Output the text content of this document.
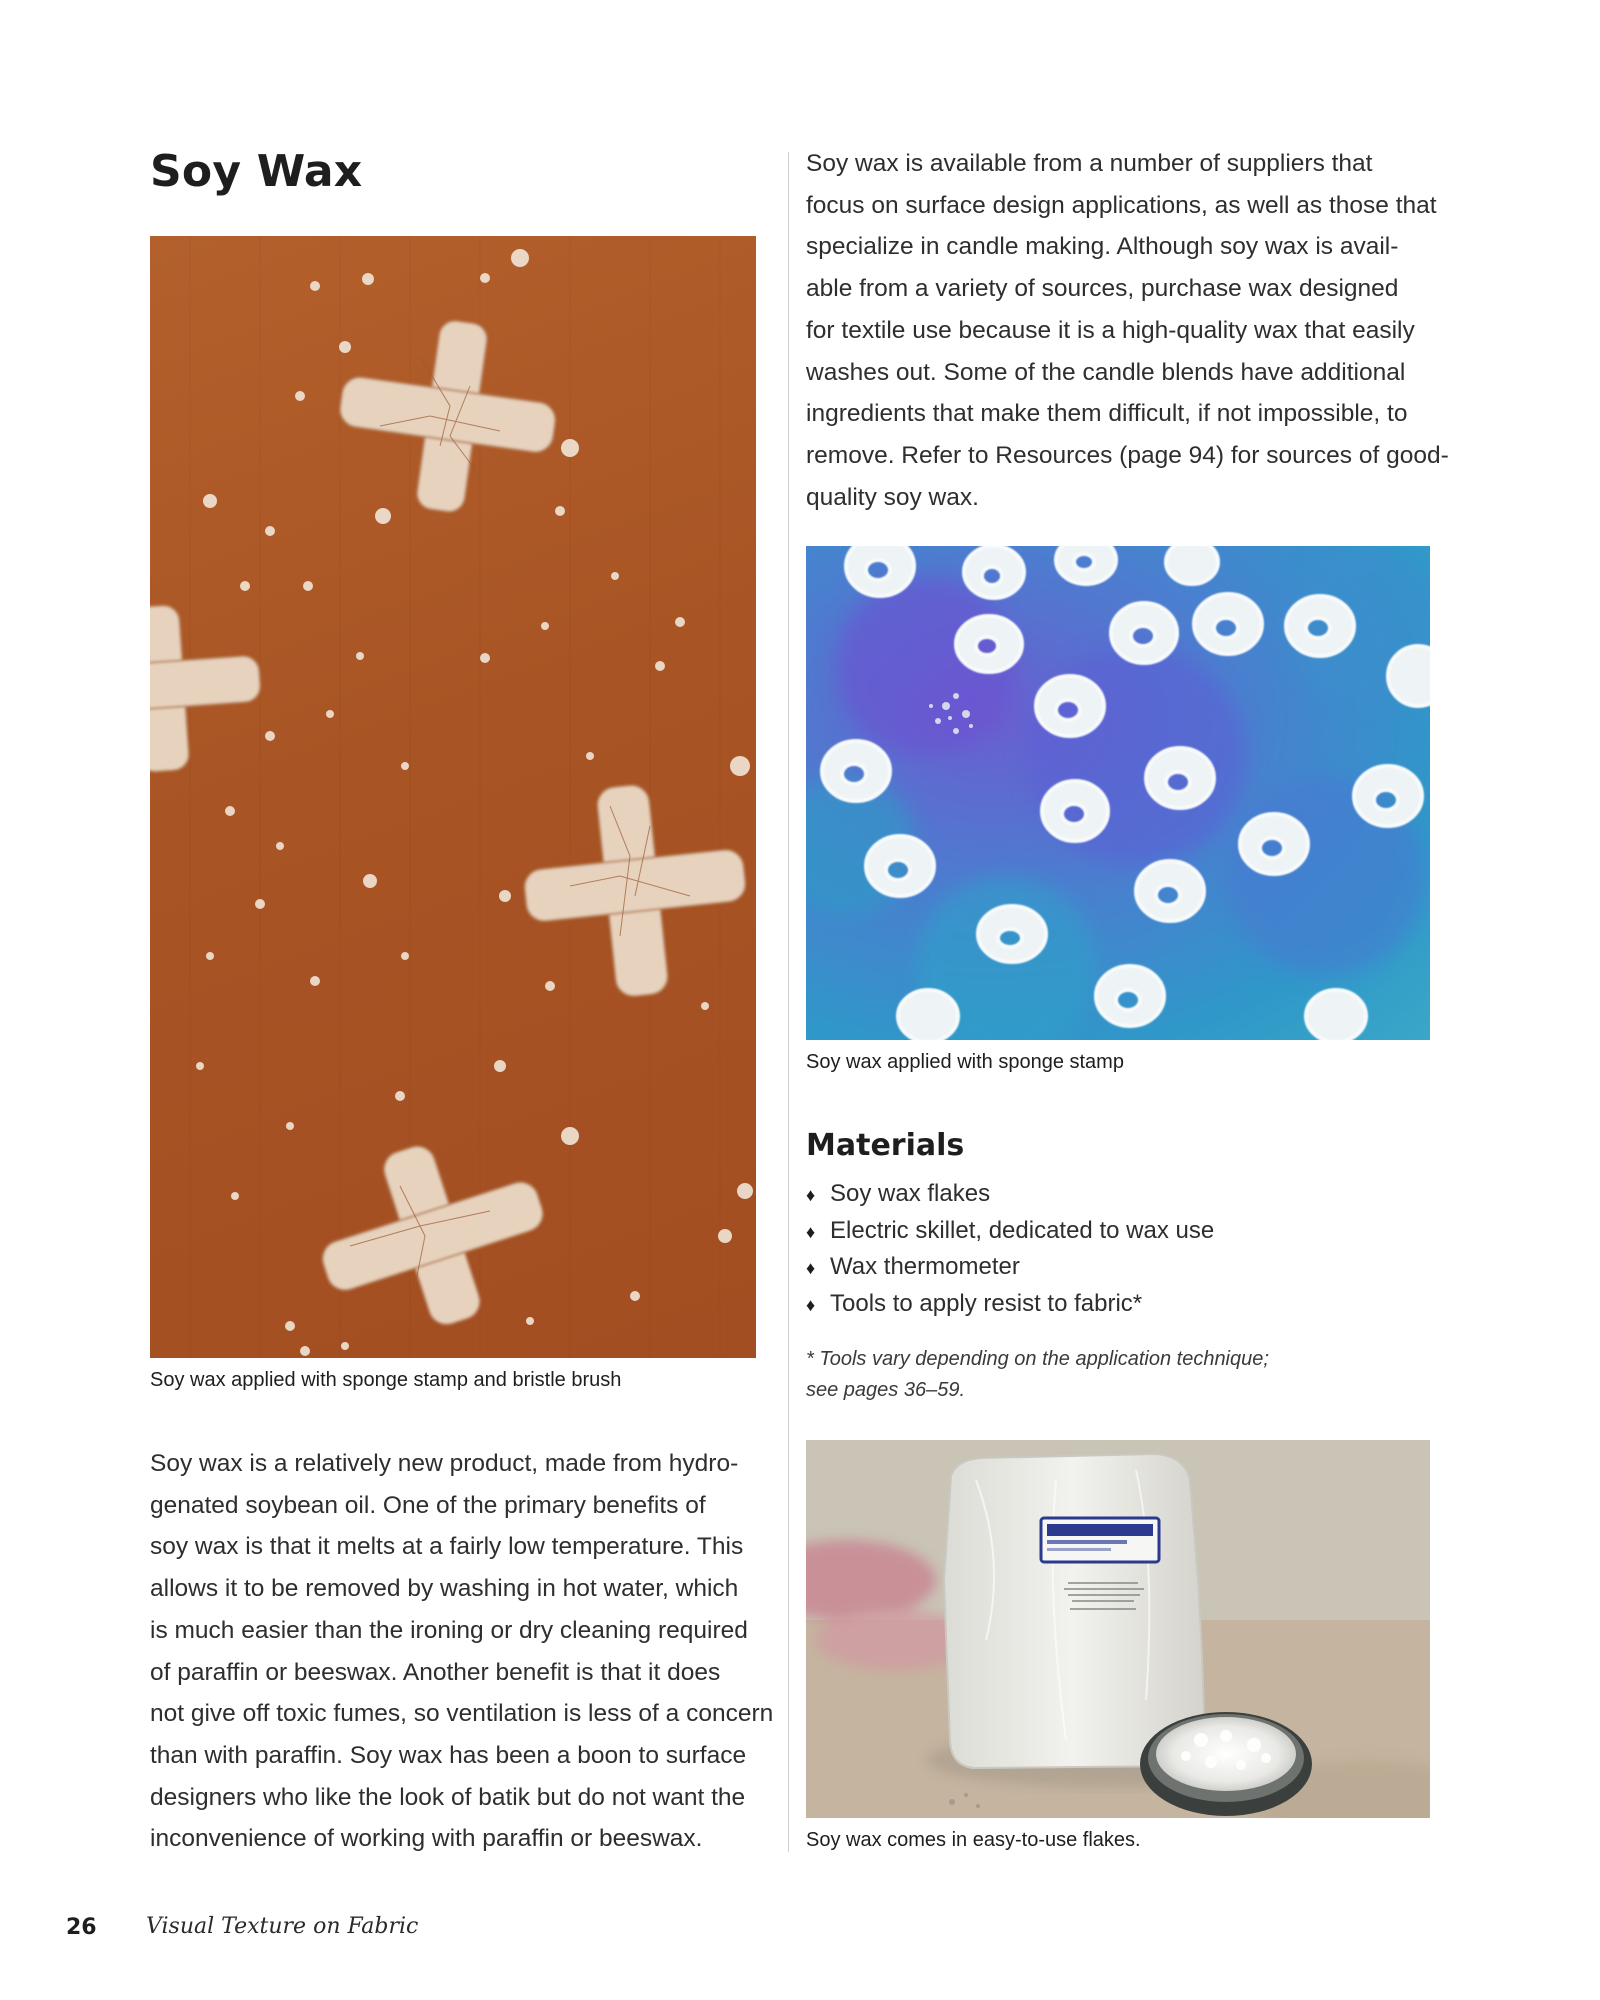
Soy Wax

Soy wax applied with sponge stamp and bristle brush

Soy wax is a relatively new product, made from hydro-
genated soybean oil. One of the primary benefits of
soy wax is that it melts at a fairly low temperature. This
allows it to be removed by washing in hot water, which
is much easier than the ironing or dry cleaning required
of paraffin or beeswax. Another benefit is that it does
not give off toxic fumes, so ventilation is less of a concern
than with paraffin. Soy wax has been a boon to surface
designers who like the look of batik but do not want the
inconvenience of working with paraffin or beeswax.

Soy wax is available from a number of suppliers that
focus on surface design applications, as well as those that
specialize in candle making. Although soy wax is avail-
able from a variety of sources, purchase wax designed
for textile use because it is a high-quality wax that easily
washes out. Some of the candle blends have additional
ingredients that make them difficult, if not impossible, to
remove. Refer to Resources (page 94) for sources of good-
quality soy wax.

Soy wax applied with sponge stamp

Materials
♦ Soy wax flakes
♦ Electric skillet, dedicated to wax use
♦ Wax thermometer
♦ Tools to apply resist to fabric*

* Tools vary depending on the application technique;
see pages 36–59.

Soy wax comes in easy-to-use flakes.

26 Visual Texture on Fabric
